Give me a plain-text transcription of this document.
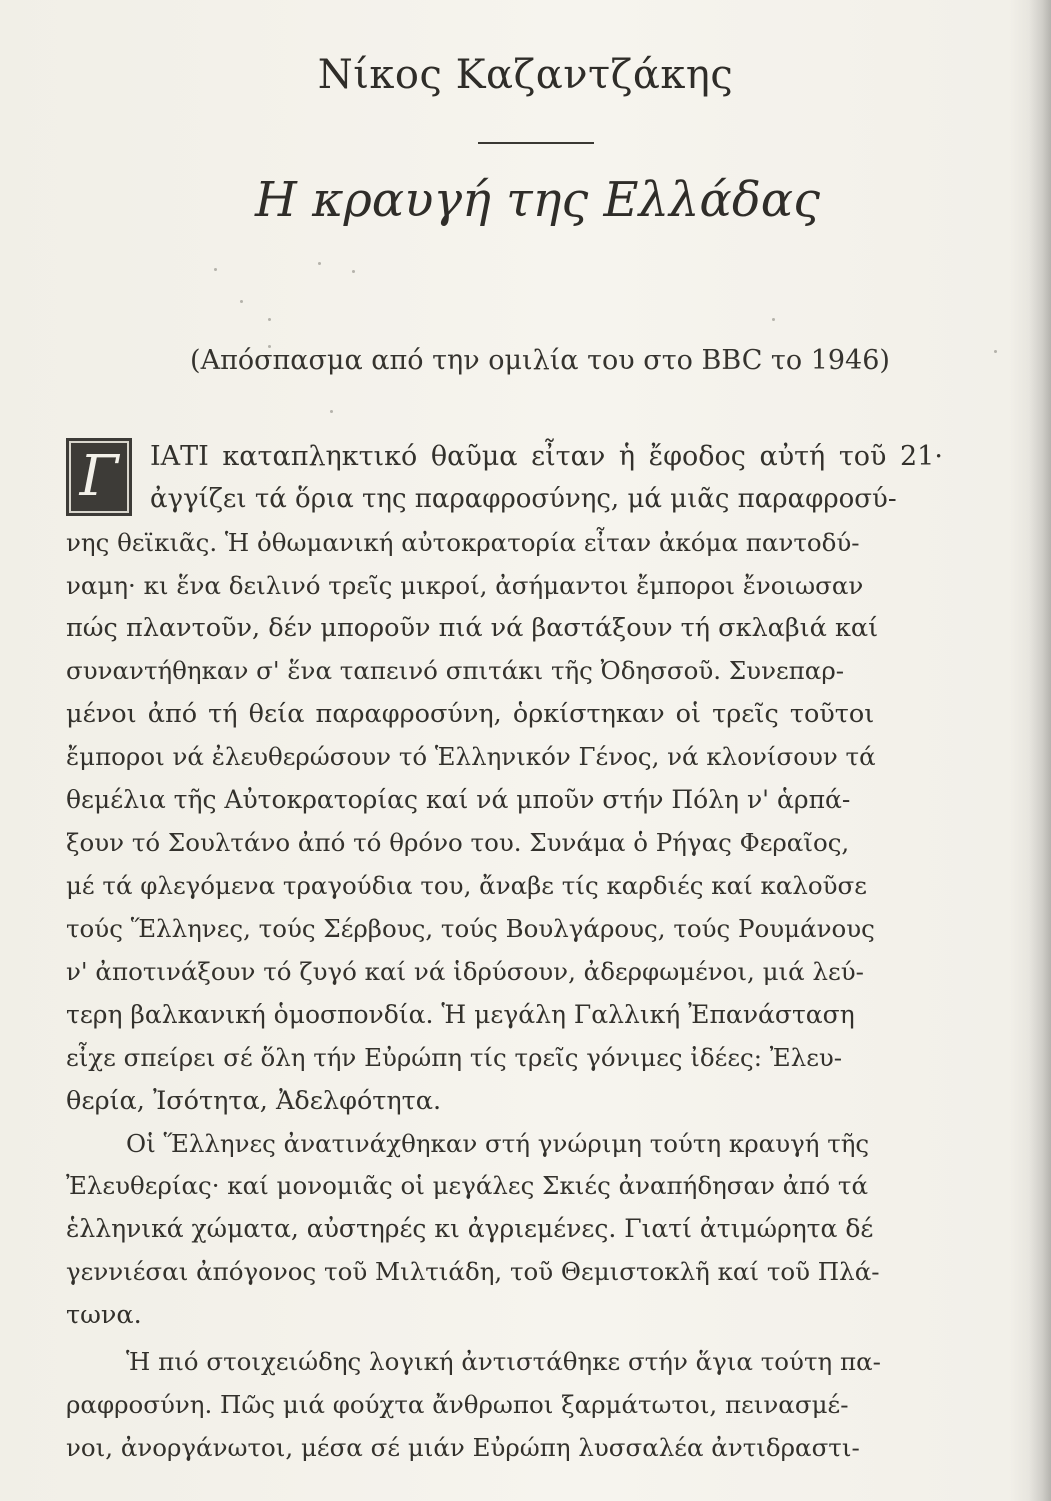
Νίκος Καζαντζάκης
Η κραυγή της Ελλάδας
(Απόσπασμα από την ομιλία του στο BBC το 1946)
Γ	ΙΑΤΙ καταπληκτικό θαῦμα εἶταν ἡ ἔφοδος αὐτή τοῦ 21·
ἀγγίζει τά ὅρια της παραφροσύνης, μά μιᾶς παραφροσύ-
νης θεϊκιᾶς. Ἡ ὀθωμανική αὐτοκρατορία εἶταν ἀκόμα παντοδύ-
ναμη· κι ἕνα δειλινό τρεῖς μικροί, ἀσήμαντοι ἔμποροι ἔνοιωσαν
πώς πλαντοῦν, δέν μποροῦν πιά νά βαστάξουν τή σκλαβιά καί
συναντήθηκαν σ' ἕνα ταπεινό σπιτάκι τῆς Ὀδησσοῦ. Συνεπαρ-
μένοι ἀπό τή θεία παραφροσύνη, ὁρκίστηκαν οἱ τρεῖς τοῦτοι
ἔμποροι νά ἐλευθερώσουν τό Ἑλληνικόν Γένος, νά κλονίσουν τά
θεμέλια τῆς Αὐτοκρατορίας καί νά μποῦν στήν Πόλη ν' ἁρπά-
ξουν τό Σουλτάνο ἀπό τό θρόνο του. Συνάμα ὁ Ρήγας Φεραῖος,
μέ τά φλεγόμενα τραγούδια του, ἄναβε τίς καρδιές καί καλοῦσε
τούς Ἕλληνες, τούς Σέρβους, τούς Βουλγάρους, τούς Ρουμάνους
ν' ἀποτινάξουν τό ζυγό καί νά ἱδρύσουν, ἀδερφωμένοι, μιά λεύ-
τερη βαλκανική ὁμοσπονδία. Ἡ μεγάλη Γαλλική Ἐπανάσταση
εἶχε σπείρει σέ ὅλη τήν Εὐρώπη τίς τρεῖς γόνιμες ἰδέες: Ἐλευ-
θερία, Ἰσότητα, Ἀδελφότητα.
Οἱ Ἕλληνες ἀνατινάχθηκαν στή γνώριμη τούτη κραυγή τῆς
Ἐλευθερίας· καί μονομιᾶς οἱ μεγάλες Σκιές ἀναπήδησαν ἀπό τά
ἑλληνικά χώματα, αὐστηρές κι ἀγριεμένες. Γιατί ἀτιμώρητα δέ
γεννιέσαι ἀπόγονος τοῦ Μιλτιάδη, τοῦ Θεμιστοκλῆ καί τοῦ Πλά-
τωνα.
Ἡ πιό στοιχειώδης λογική ἀντιστάθηκε στήν ἅγια τούτη πα-
ραφροσύνη. Πῶς μιά φούχτα ἄνθρωποι ξαρμάτωτοι, πεινασμέ-
νοι, ἀνοργάνωτοι, μέσα σέ μιάν Εὐρώπη λυσσαλέα ἀντιδραστι-
